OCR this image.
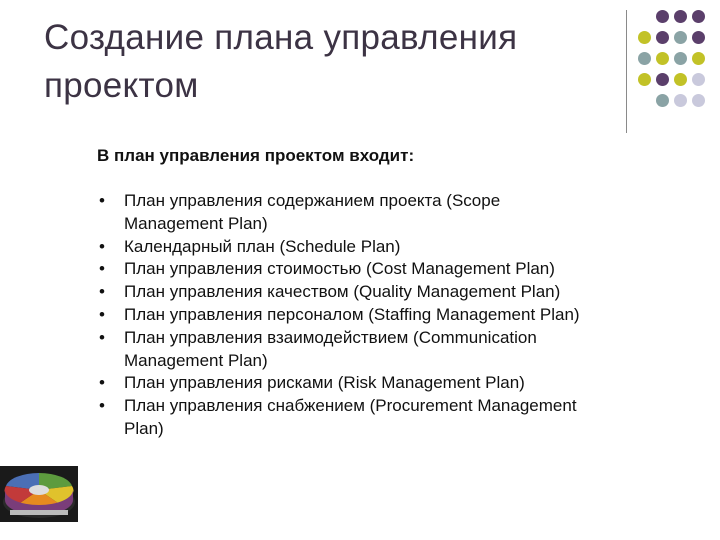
Создание плана управления
проектом
В план управления проектом входит:
• План управления содержанием проекта (Scope
Management Plan)
• Календарный план (Schedule Plan)
• План управления стоимостью (Cost Management Plan)
• План управления качеством (Quality Management Plan)
• План управления персоналом (Staffing Management Plan)
• План управления взаимодействием (Communication
Management Plan)
• План управления рисками (Risk Management Plan)
• План управления снабжением (Procurement Management
Plan)
